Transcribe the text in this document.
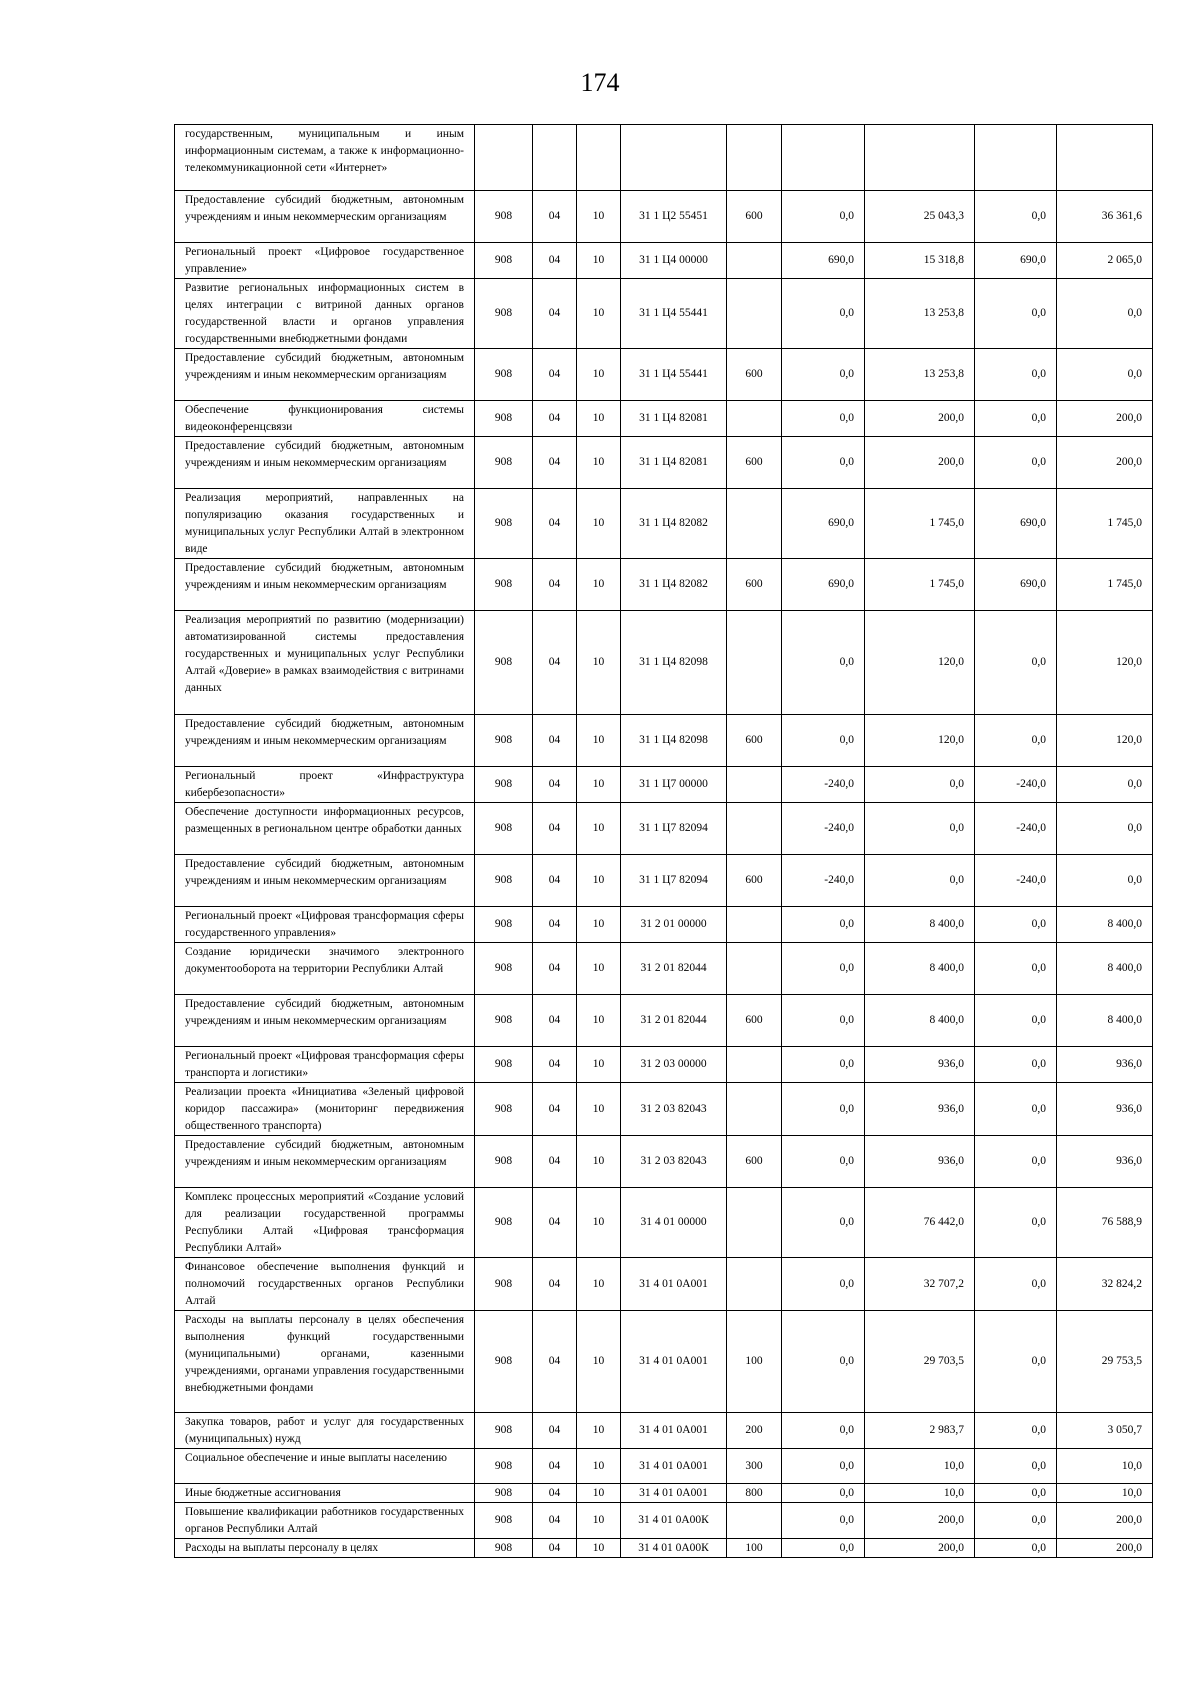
174
государственным, муниципальным и иным информационным системам, а также к информационно-телекоммуникационной сети «Интернет»									
Предоставление субсидий бюджетным, автономным учреждениям и иным некоммерческим организациям	908	04	10	31 1 Ц2 55451	600	0,0	25 043,3	0,0	36 361,6
Региональный проект «Цифровое государственное управление»	908	04	10	31 1 Ц4 00000		690,0	15 318,8	690,0	2 065,0
Развитие региональных информационных систем в целях интеграции с витриной данных органов государственной власти и органов управления государственными внебюджетными фондами	908	04	10	31 1 Ц4 55441		0,0	13 253,8	0,0	0,0
Предоставление субсидий бюджетным, автономным учреждениям и иным некоммерческим организациям	908	04	10	31 1 Ц4 55441	600	0,0	13 253,8	0,0	0,0
Обеспечение функционирования системы видеоконференцсвязи	908	04	10	31 1 Ц4 82081		0,0	200,0	0,0	200,0
Предоставление субсидий бюджетным, автономным учреждениям и иным некоммерческим организациям	908	04	10	31 1 Ц4 82081	600	0,0	200,0	0,0	200,0
Реализация мероприятий, направленных на популяризацию оказания государственных и муниципальных услуг Республики Алтай в электронном виде	908	04	10	31 1 Ц4 82082		690,0	1 745,0	690,0	1 745,0
Предоставление субсидий бюджетным, автономным учреждениям и иным некоммерческим организациям	908	04	10	31 1 Ц4 82082	600	690,0	1 745,0	690,0	1 745,0
Реализация мероприятий по развитию (модернизации) автоматизированной системы предоставления государственных и муниципальных услуг Республики Алтай «Доверие» в рамках взаимодействия с витринами данных	908	04	10	31 1 Ц4 82098		0,0	120,0	0,0	120,0
Предоставление субсидий бюджетным, автономным учреждениям и иным некоммерческим организациям	908	04	10	31 1 Ц4 82098	600	0,0	120,0	0,0	120,0
Региональный проект «Инфраструктура кибербезопасности»	908	04	10	31 1 Ц7 00000		-240,0	0,0	-240,0	0,0
Обеспечение доступности информационных ресурсов, размещенных в региональном центре обработки данных	908	04	10	31 1 Ц7 82094		-240,0	0,0	-240,0	0,0
Предоставление субсидий бюджетным, автономным учреждениям и иным некоммерческим организациям	908	04	10	31 1 Ц7 82094	600	-240,0	0,0	-240,0	0,0
Региональный проект «Цифровая трансформация сферы государственного управления»	908	04	10	31 2 01 00000		0,0	8 400,0	0,0	8 400,0
Создание юридически значимого электронного документооборота на территории Республики Алтай	908	04	10	31 2 01 82044		0,0	8 400,0	0,0	8 400,0
Предоставление субсидий бюджетным, автономным учреждениям и иным некоммерческим организациям	908	04	10	31 2 01 82044	600	0,0	8 400,0	0,0	8 400,0
Региональный проект «Цифровая трансформация сферы транспорта и логистики»	908	04	10	31 2 03 00000		0,0	936,0	0,0	936,0
Реализации проекта «Инициатива «Зеленый цифровой коридор пассажира» (мониторинг передвижения общественного транспорта)	908	04	10	31 2 03 82043		0,0	936,0	0,0	936,0
Предоставление субсидий бюджетным, автономным учреждениям и иным некоммерческим организациям	908	04	10	31 2 03 82043	600	0,0	936,0	0,0	936,0
Комплекс процессных мероприятий «Создание условий для реализации государственной программы Республики Алтай «Цифровая трансформация Республики Алтай»	908	04	10	31 4 01 00000		0,0	76 442,0	0,0	76 588,9
Финансовое обеспечение выполнения функций и полномочий государственных органов Республики Алтай	908	04	10	31 4 01 0А001		0,0	32 707,2	0,0	32 824,2
Расходы на выплаты персоналу в целях обеспечения выполнения функций государственными (муниципальными) органами, казенными учреждениями, органами управления государственными внебюджетными фондами	908	04	10	31 4 01 0А001	100	0,0	29 703,5	0,0	29 753,5
Закупка товаров, работ и услуг для государственных (муниципальных) нужд	908	04	10	31 4 01 0А001	200	0,0	2 983,7	0,0	3 050,7
Социальное обеспечение и иные выплаты населению	908	04	10	31 4 01 0А001	300	0,0	10,0	0,0	10,0
Иные бюджетные ассигнования	908	04	10	31 4 01 0А001	800	0,0	10,0	0,0	10,0
Повышение квалификации работников государственных органов Республики Алтай	908	04	10	31 4 01 0А00К		0,0	200,0	0,0	200,0
Расходы на выплаты персоналу в целях	908	04	10	31 4 01 0А00К	100	0,0	200,0	0,0	200,0
